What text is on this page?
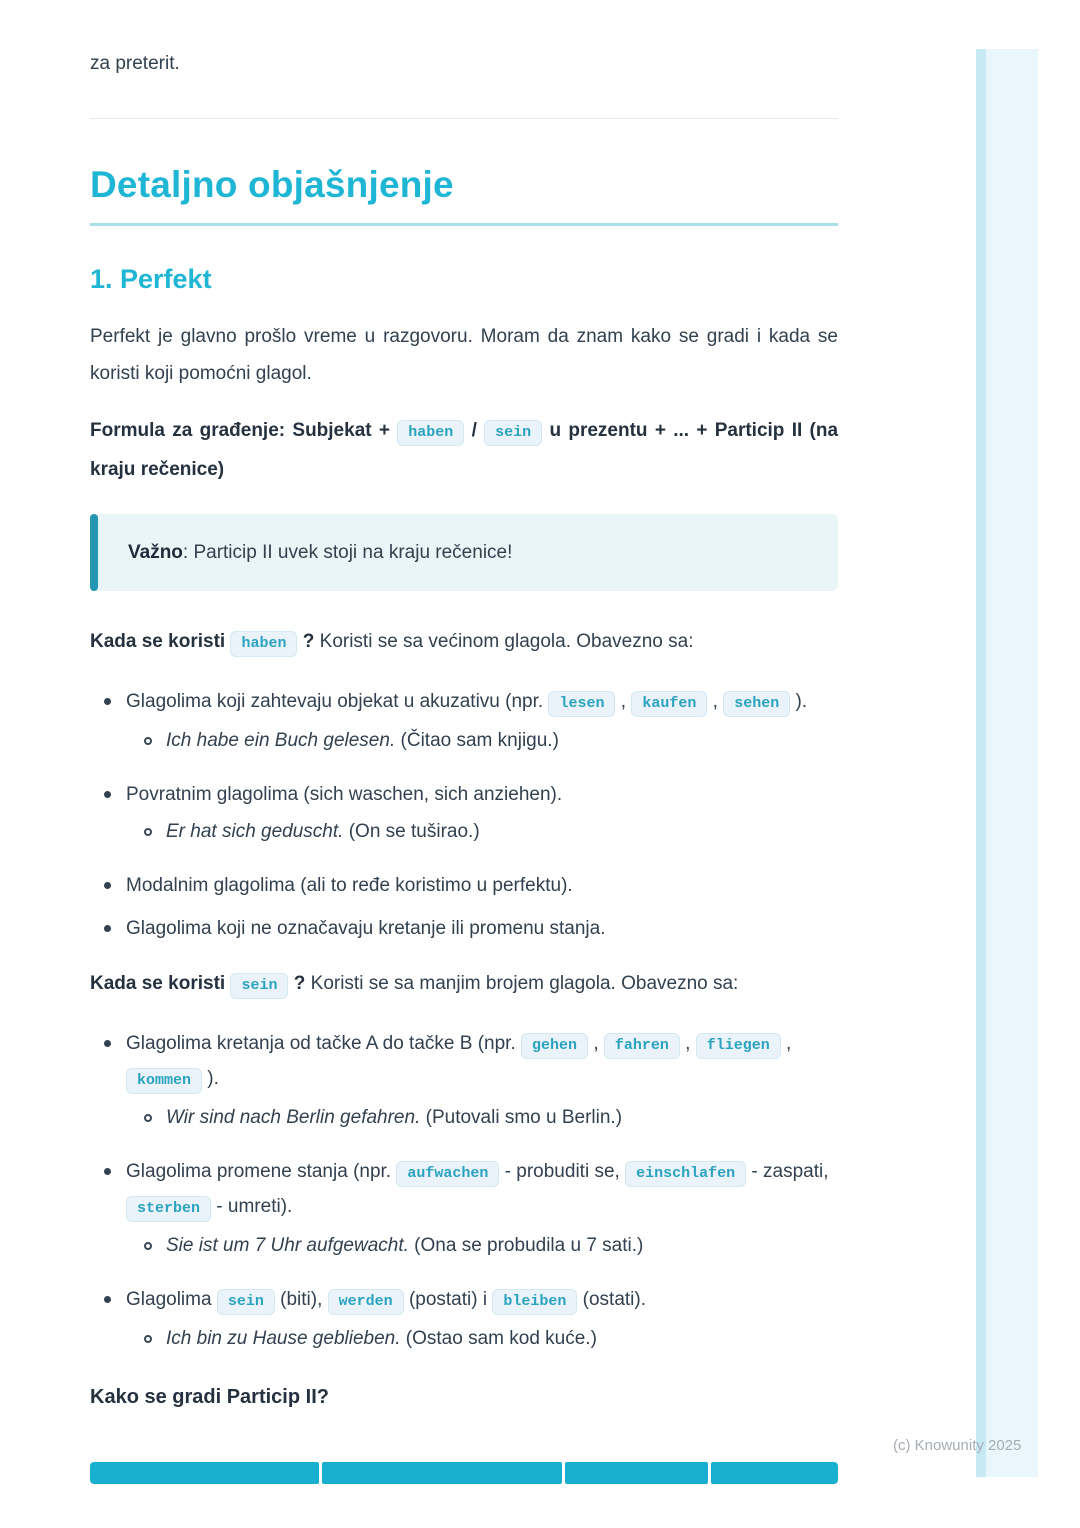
za preterit.

Detaljno objašnjenje
1. Perfekt

Perfekt je glavno prošlo vreme u razgovoru. Moram da znam kako se gradi i kada se koristi koji pomoćni glagol.

Formula za građenje: Subjekat + haben / sein u prezentu + ... + Particip II (na kraju rečenice)

Važno: Particip II uvek stoji na kraju rečenice!

Kada se koristi haben ? Koristi se sa većinom glagola. Obavezno sa:

Glagolima koji zahtevaju objekat u akuzativu (npr. lesen , kaufen , sehen ).
Ich habe ein Buch gelesen. (Čitao sam knjigu.)
Povratnim glagolima (sich waschen, sich anziehen).
Er hat sich geduscht. (On se tuširao.)
Modalnim glagolima (ali to ređe koristimo u perfektu).
Glagolima koji ne označavaju kretanje ili promenu stanja.

Kada se koristi sein ? Koristi se sa manjim brojem glagola. Obavezno sa:

Glagolima kretanja od tačke A do tačke B (npr. gehen , fahren , fliegen , kommen ).
Wir sind nach Berlin gefahren. (Putovali smo u Berlin.)
Glagolima promene stanja (npr. aufwachen - probuditi se, einschlafen - zaspati, sterben - umreti).
Sie ist um 7 Uhr aufgewacht. (Ona se probudila u 7 sati.)
Glagolima sein (biti), werden (postati) i bleiben (ostati).
Ich bin zu Hause geblieben. (Ostao sam kod kuće.)

Kako se gradi Particip II?

(c) Knowunity 2025
